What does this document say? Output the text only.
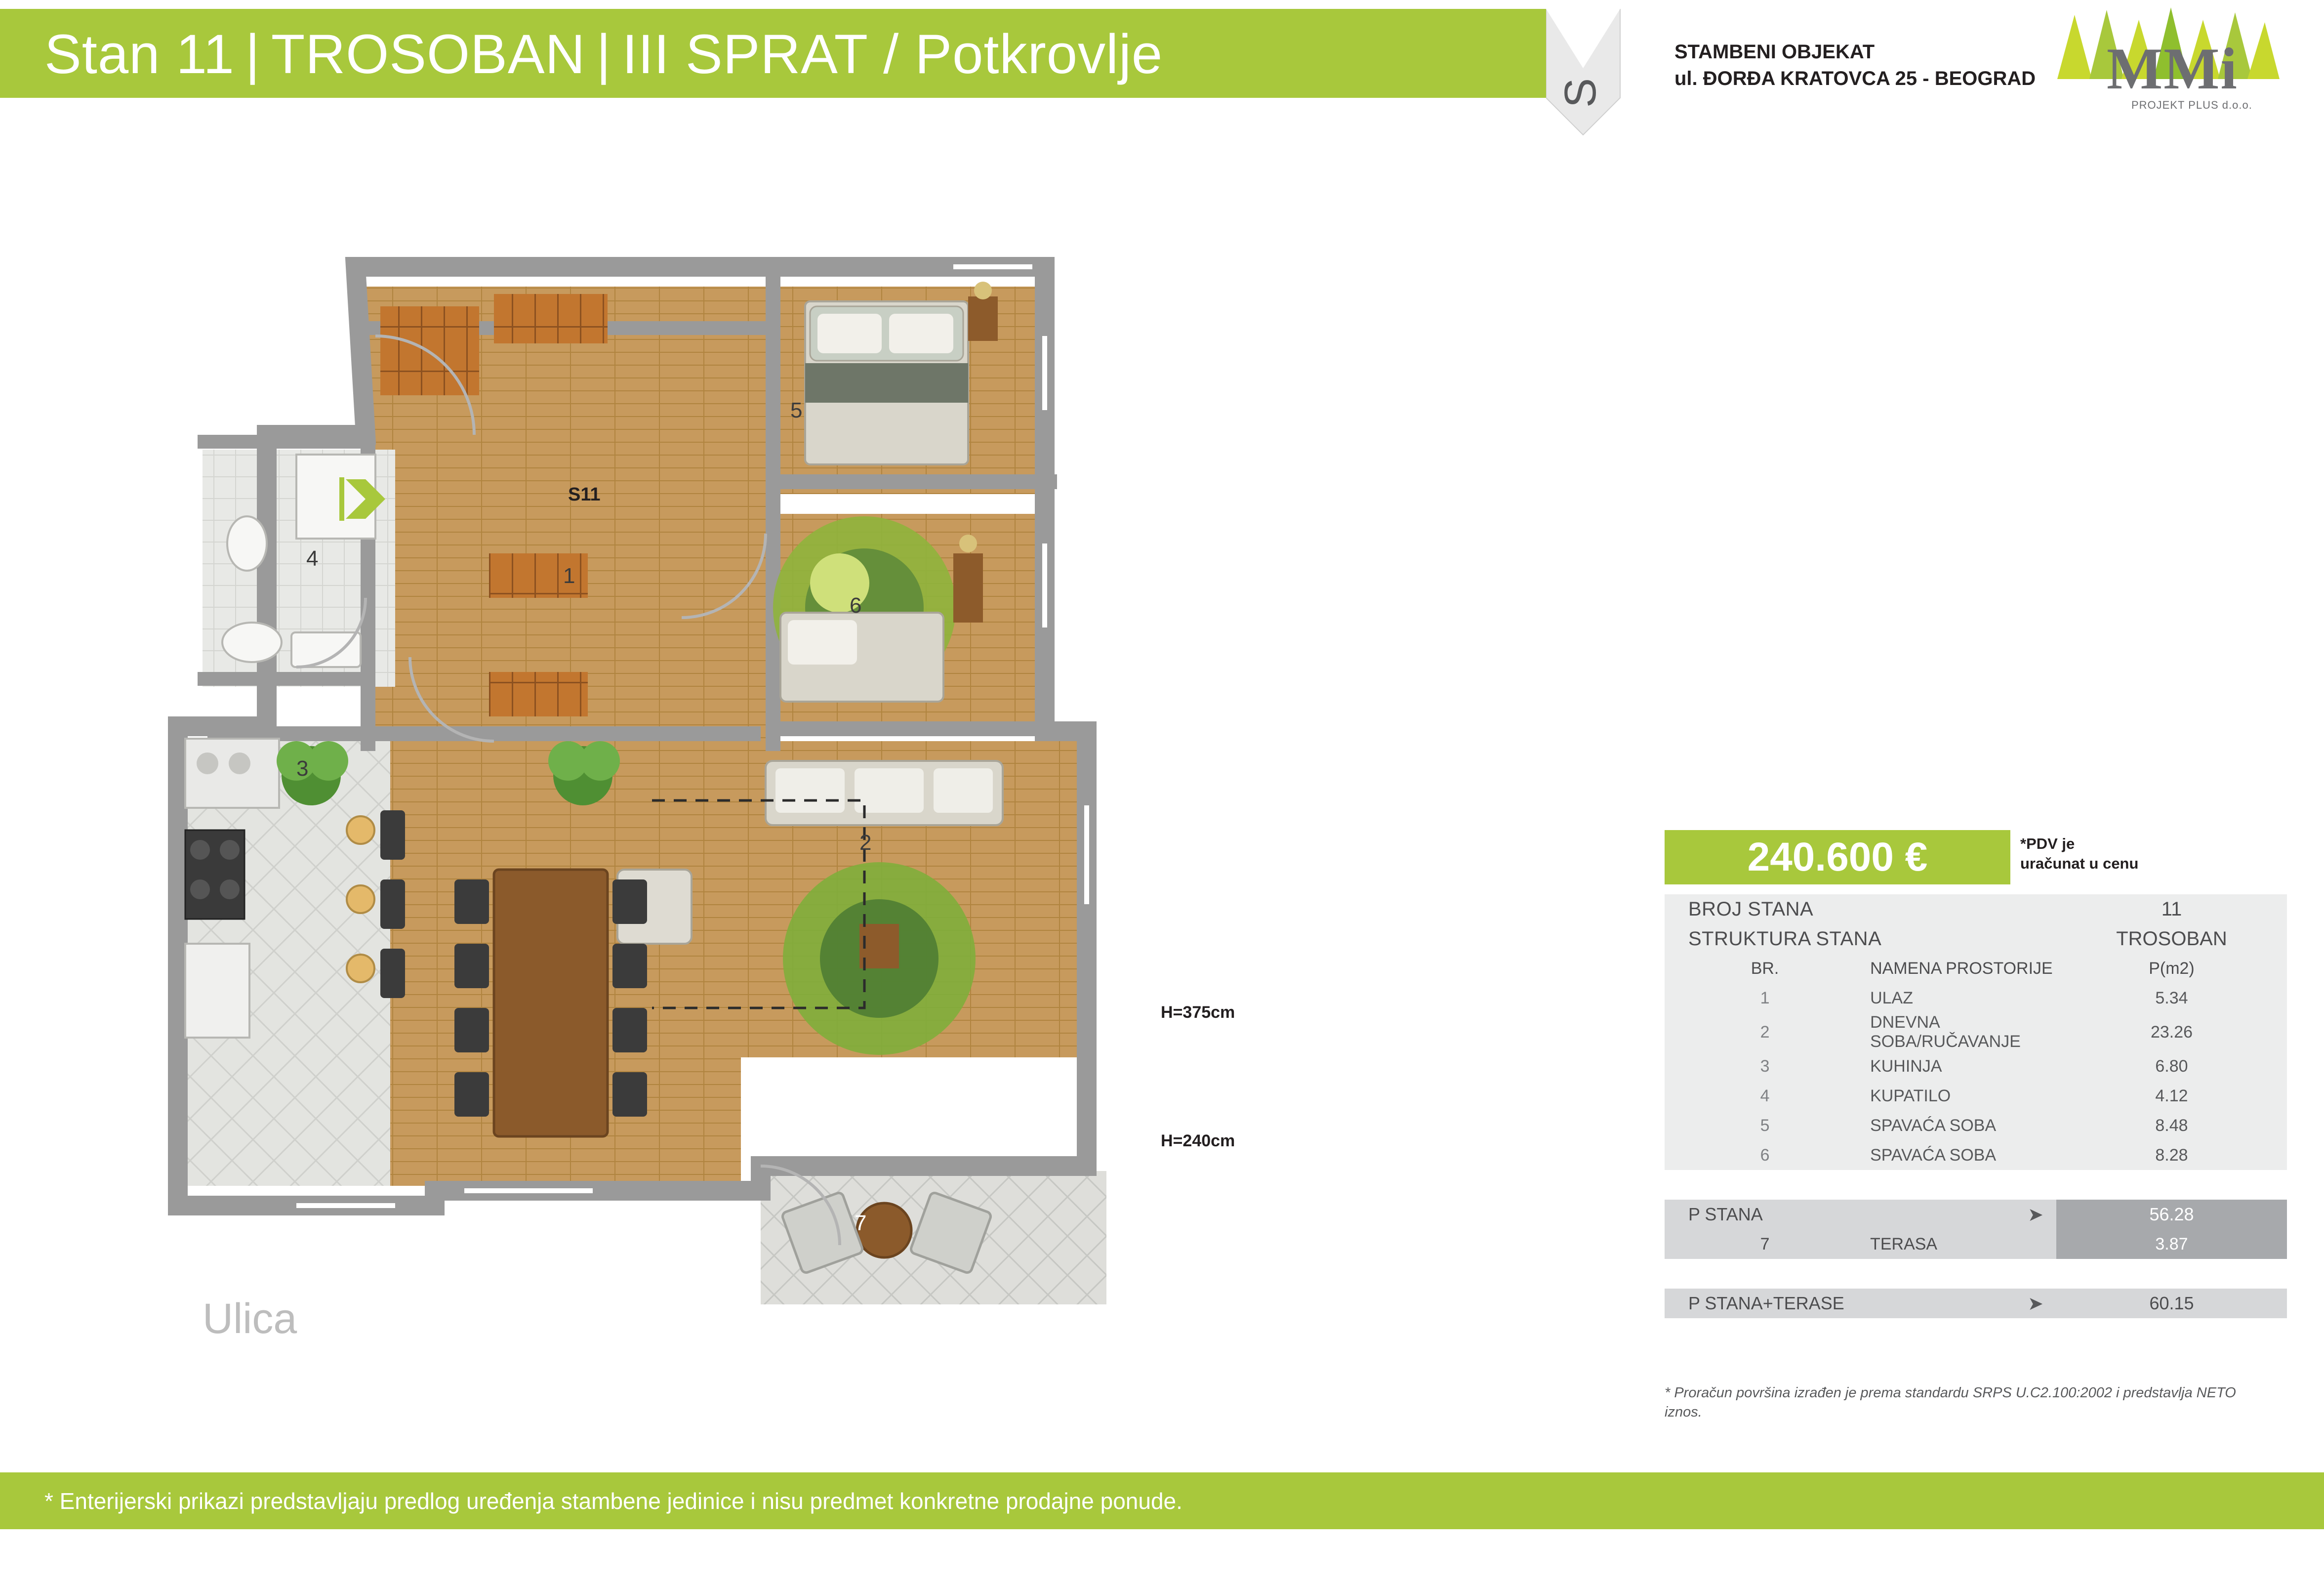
Stan 11 | TROSOBAN | III SPRAT / Potkrovlje
S
STAMBENI OBJEKAT
ul. ĐORĐA KRATOVCA 25 - BEOGRAD MMi
PROJEKT PLUS d.o.o.
1
2
3
4
5
6
7
S11
H=375cm
H=240cm
Ulica
240.600 €	*PDV je
uračunat u cenu
BROJ STANA		11
STRUKTURA STANA		TROSOBAN
BR.	NAMENA PROSTORIJE	P(m2)
1	ULAZ	5.34
2	DNEVNA SOBA/RUČAVANJE	23.26
3	KUHINJA	6.80
4	KUPATILO	4.12
5	SPAVAĆA SOBA	8.48
6	SPAVAĆA SOBA	8.28

P STANA	➤	56.28
7	TERASA	3.87

P STANA+TERASE	➤	60.15
* Proračun površina izrađen je prema standardu SRPS U.C2.100:2002 i predstavlja NETO iznos.
* Enterijerski prikazi predstavljaju predlog uređenja stambene jedinice i nisu predmet konkretne prodajne ponude.
